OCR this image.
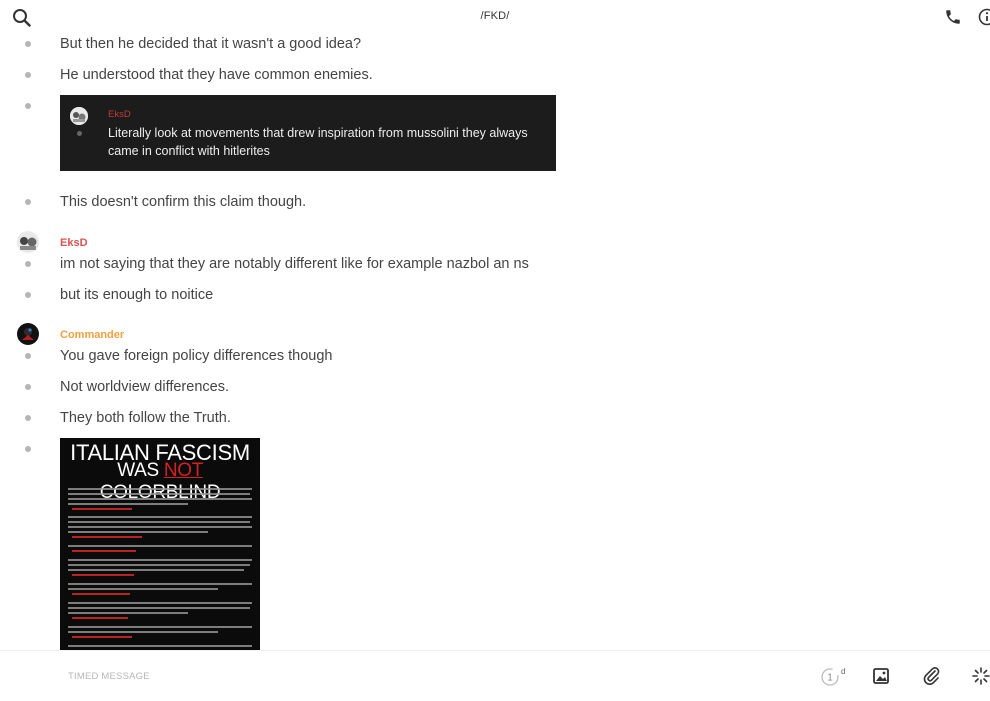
/FKD/
But then he decided that it wasn't a good idea?
He understood that they have common enemies.
EksD
Literally look at movements that drew inspiration from mussolini they always came in conflict with hitlerites
This doesn't confirm this claim though.
EksD
im not saying that they are notably different like for example nazbol an ns
but its enough to noitice
Commander
You gave foreign policy differences though
Not worldview differences.
They both follow the Truth.
ITALIAN FASCISM
WAS NOT
TIMED MESSAGE	1
d
